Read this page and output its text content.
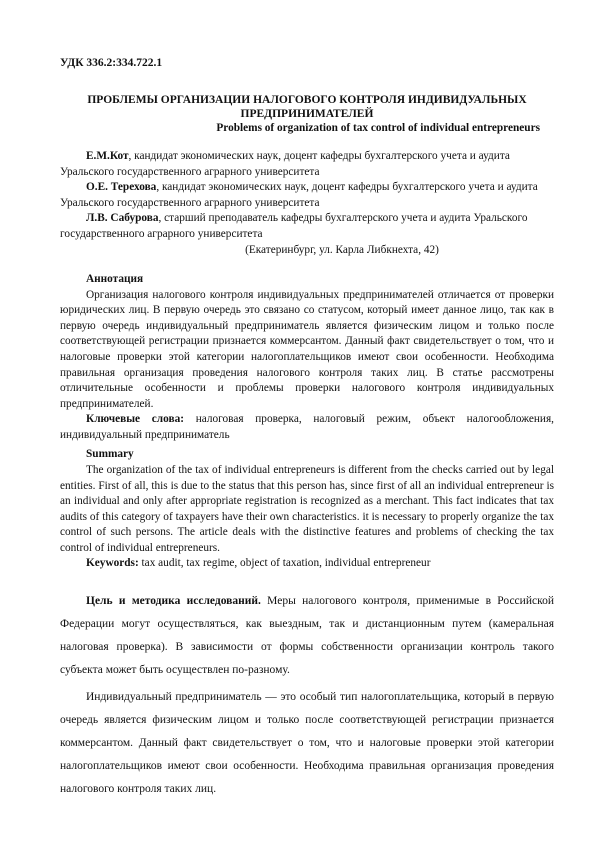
УДК 336.2:334.722.1
ПРОБЛЕМЫ ОРГАНИЗАЦИИ НАЛОГОВОГО КОНТРОЛЯ ИНДИВИДУАЛЬНЫХ ПРЕДПРИНИМАТЕЛЕЙ
Problems of organization of tax control of individual entrepreneurs
Е.М.Кот, кандидат экономических наук, доцент кафедры бухгалтерского учета и аудита Уральского государственного аграрного университета
О.Е. Терехова, кандидат экономических наук, доцент кафедры бухгалтерского учета и аудита Уральского государственного аграрного университета
Л.В. Сабурова, старший преподаватель кафедры бухгалтерского учета и аудита Уральского государственного аграрного университета
(Екатеринбург, ул. Карла Либкнехта, 42)
Аннотация
Организация налогового контроля индивидуальных предпринимателей отличается от проверки юридических лиц. В первую очередь это связано со статусом, который имеет данное лицо, так как в первую очередь индивидуальный предприниматель является физическим лицом и только после соответствующей регистрации признается коммерсантом. Данный факт свидетельствует о том, что и налоговые проверки этой категории налогоплательщиков имеют свои особенности. Необходима правильная организация проведения налогового контроля таких лиц. В статье рассмотрены отличительные особенности и проблемы проверки налогового контроля индивидуальных предпринимателей.
Ключевые слова: налоговая проверка, налоговый режим, объект налогообложения, индивидуальный предприниматель
Summary
The organization of the tax of individual entrepreneurs is different from the checks carried out by legal entities. First of all, this is due to the status that this person has, since first of all an individual entrepreneur is an individual and only after appropriate registration is recognized as a merchant. This fact indicates that tax audits of this category of taxpayers have their own characteristics. it is necessary to properly organize the tax control of such persons. The article deals with the distinctive features and problems of checking the tax control of individual entrepreneurs.
Keywords: tax audit, tax regime, object of taxation, individual entrepreneur
Цель и методика исследований. Меры налогового контроля, применимые в Российской Федерации могут осуществляться, как выездным, так и дистанционным путем (камеральная налоговая проверка). В зависимости от формы собственности организации контроль такого субъекта может быть осуществлен по-разному.
Индивидуальный предприниматель — это особый тип налогоплательщика, который в первую очередь является физическим лицом и только после соответствующей регистрации признается коммерсантом. Данный факт свидетельствует о том, что и налоговые проверки этой категории налогоплательщиков имеют свои особенности. Необходима правильная организация проведения налогового контроля таких лиц.
